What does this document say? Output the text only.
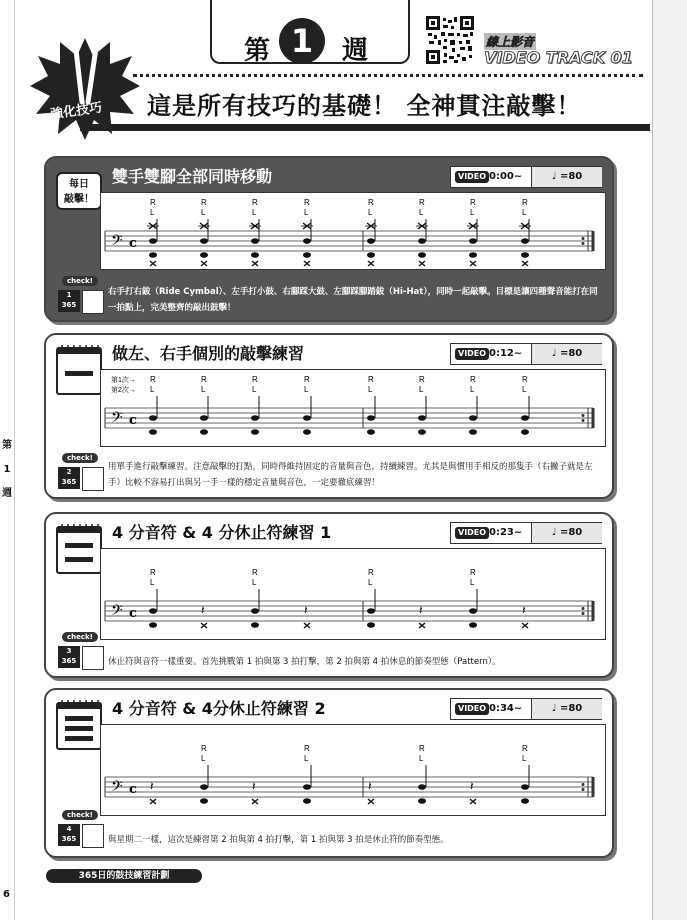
第
1
週
6
第 1	週	線上影音
VIDEO TRACK 01
強化技巧 這是所有技巧的基礎！ 全神貫注敲擊！
每日
敲擊！
雙手雙腳全部同時移動	VIDEO 0:00~	♩ =80
𝄢 c
R
L
R
L
R
L
R
L
R
L
R
L
R
L
R
L
check!
1
365
右手打右鈸（Ride Cymbal）、左手打小鼓、右腳踩大鼓、左腳踩腳踏鈸（Hi-Hat），同時一起敲擊。目標是讓四種聲音能打在同一拍點上，完美整齊的敲出鼓擊！
做左、右手個別的敲擊練習	VIDEO 0:12~	♩ =80
𝄢 c
R
L
R
L
R
L
R
L
R
L
R
L
R
L
R
L
第1次→
第2次→
check!
2
365
用單手進行敲擊練習。注意敲擊的打點，同時得維持固定的音量與音色，持續練習。尤其是與慣用手相反的那隻手（右撇子就是左手）比較不容易打出與另一手一樣的穩定音量與音色，一定要徹底練習！
4 分音符 & 4 分休止符練習 1	VIDEO 0:23~	♩ =80
𝄢 c
R
L
𝄽
R
L
𝄽
R
L
𝄽
R
L
𝄽
check!
3
365	休止符與音符一樣重要。首先挑戰第 1 拍與第 3 拍打擊，第 2 拍與第 4 拍休息的節奏型態（Pattern）。
4 分音符 & 4分休止符練習 2	VIDEO 0:34~	♩ =80
𝄢 c 𝄽
R
L
𝄽
R
L
𝄽
R
L
𝄽
R
L
check!
4
365	與星期二一樣，這次是練習第 2 拍與第 4 拍打擊，第 1 拍與第 3 拍是休止符的節奏型態。
365日的鼓技練習計劃
